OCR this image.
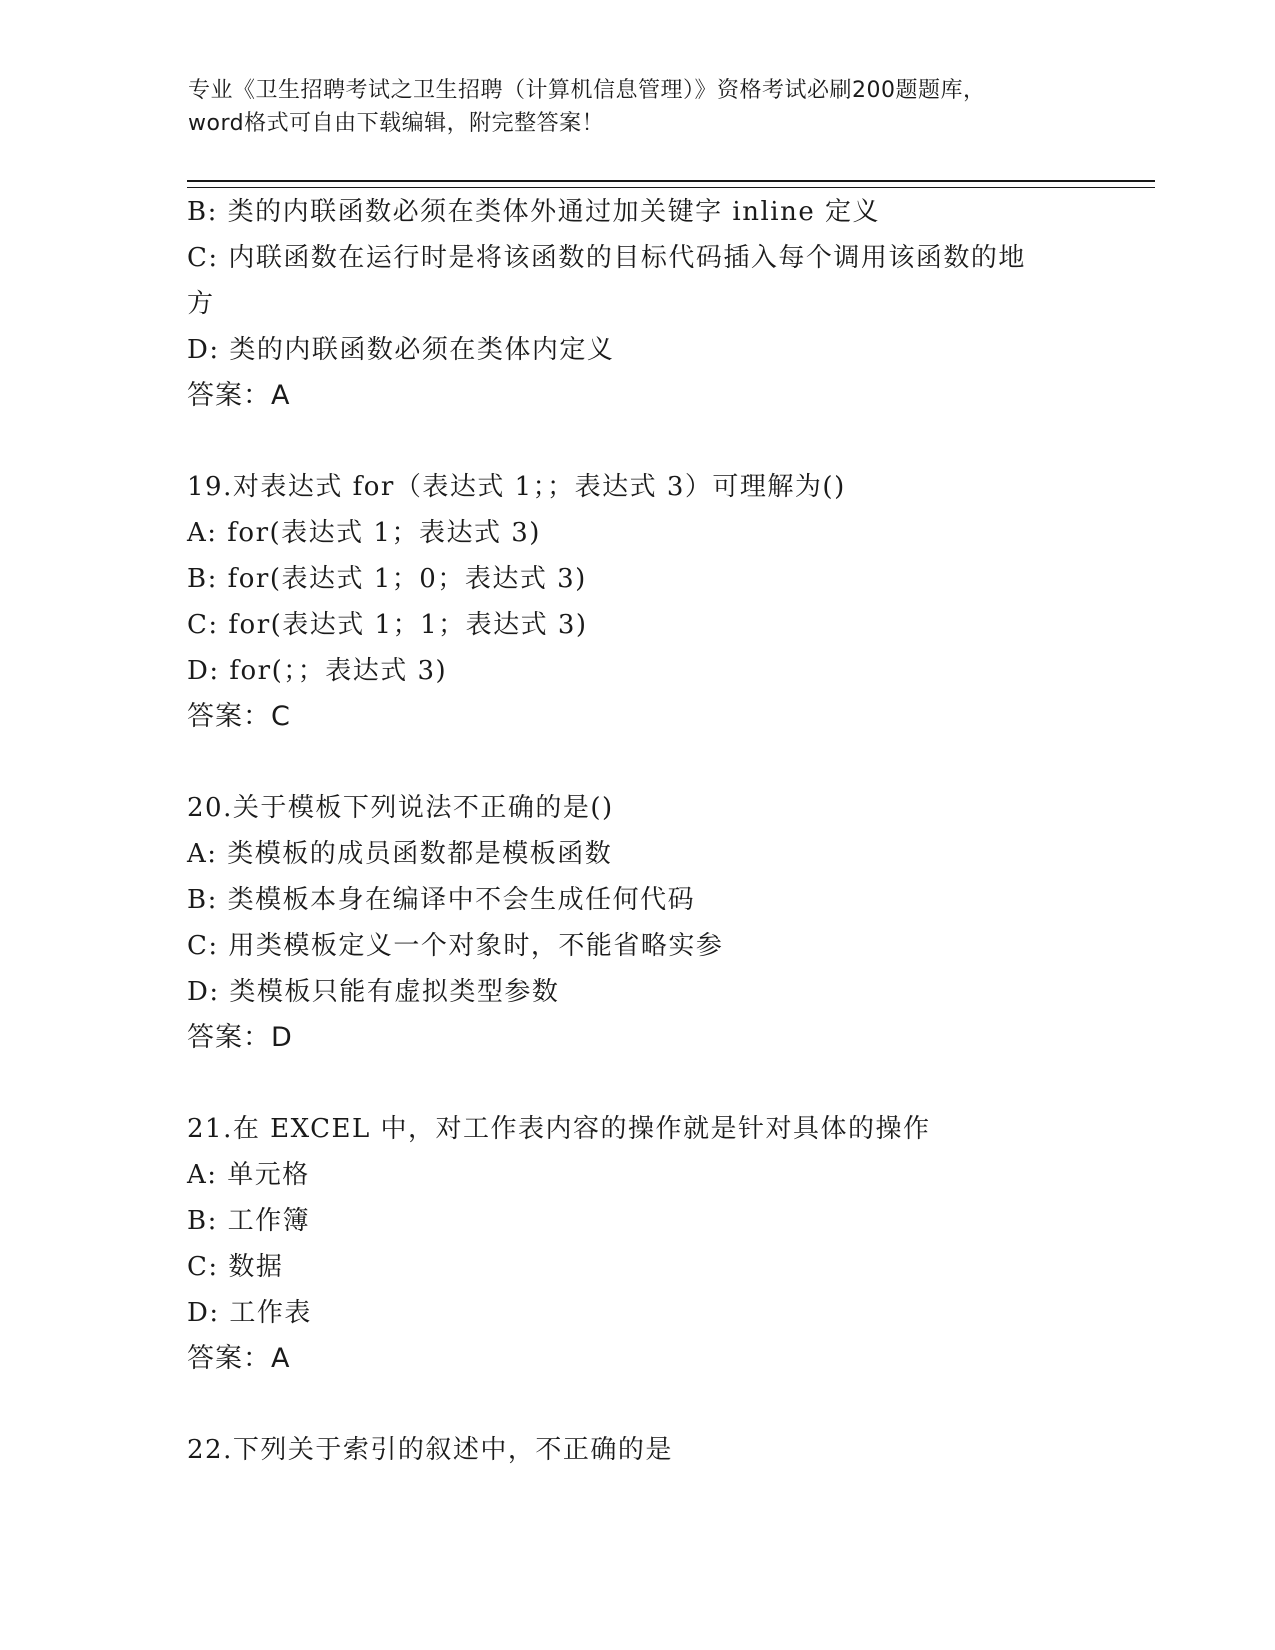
专业《卫生招聘考试之卫生招聘（计算机信息管理）》资格考试必刷200题题库，
word格式可自由下载编辑，附完整答案！
B: 类的内联函数必须在类体外通过加关键字 inline 定义
C: 内联函数在运行时是将该函数的目标代码插入每个调用该函数的地
方
D: 类的内联函数必须在类体内定义
答案：A
19.对表达式 for（表达式 1；；表达式 3）可理解为()
A: for(表达式 1；表达式 3)
B: for(表达式 1；0；表达式 3)
C: for(表达式 1；1；表达式 3)
D: for(；；表达式 3)
答案：C
20.关于模板下列说法不正确的是()
A: 类模板的成员函数都是模板函数
B: 类模板本身在编译中不会生成任何代码
C: 用类模板定义一个对象时，不能省略实参
D: 类模板只能有虚拟类型参数
答案：D
21.在 EXCEL 中，对工作表内容的操作就是针对具体的操作
A: 单元格
B: 工作簿
C: 数据
D: 工作表
答案：A
22.下列关于索引的叙述中，不正确的是
